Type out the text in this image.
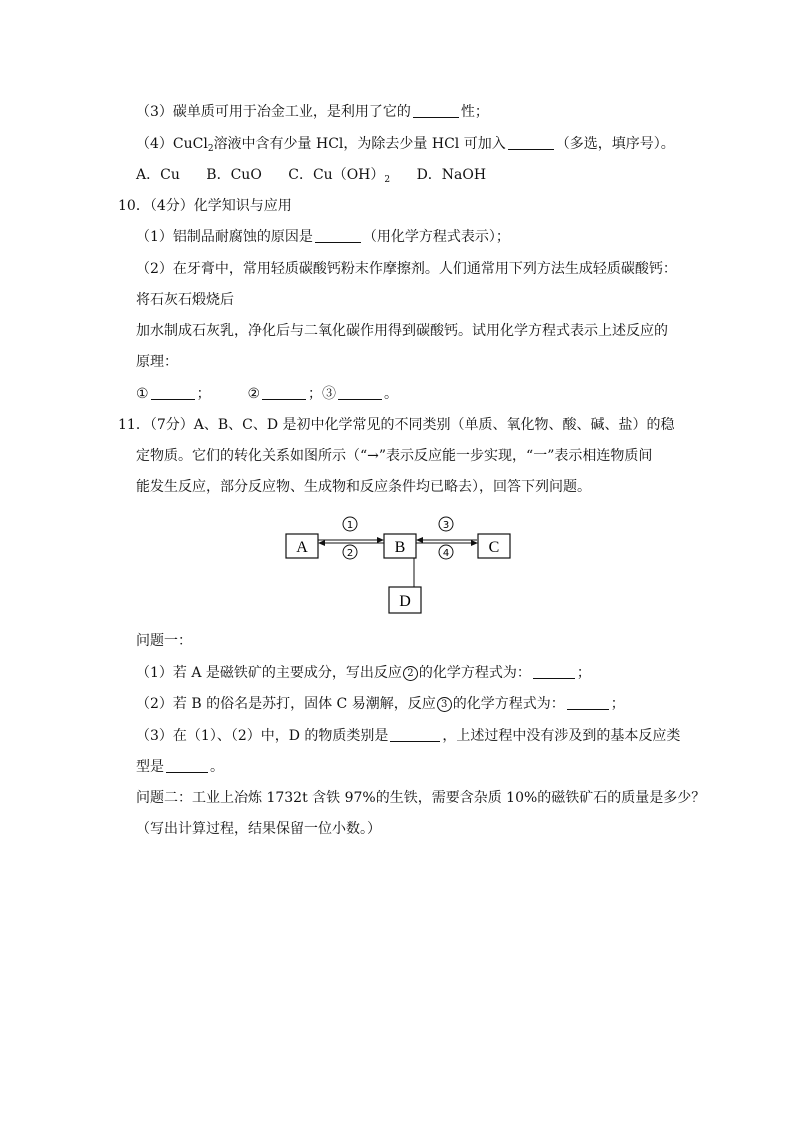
（3）碳单质可用于冶金工业，是利用了它的	性；
（4）CuCl$_2$溶液中含有少量 HCl，为除去少量 HCl 可加入	（多选，填序号）。
A．Cu B．CuO C．$Cu(OH)_2$ D．NaOH
10．（4分）化学知识与应用
（1）铝制品耐腐蚀的原因是	（用化学方程式表示）；
（2）在牙膏中，常用轻质碳酸钙粉末作摩擦剂。人们通常用下列方法生成轻质碳酸钙：
将石灰石煅烧后
加水制成石灰乳，净化后与二氧化碳作用得到碳酸钙。试用化学方程式表示上述反应的
原理：
①	；	②	；③	。
11．（7分）A、B、C、D 是初中化学常见的不同类别（单质、氧化物、酸、碱、盐）的稳
定物质。它们的转化关系如图所示（“→”表示反应能一步实现，“一”表示相连物质间
能发生反应，部分反应物、生成物和反应条件均已略去），回答下列问题。
A	B	C
D
1
2
3
4
问题一：
（1）若 A 是磁铁矿的主要成分，写出反应 2 的化学方程式为：	；
（2）若 B 的俗名是苏打，固体 C 易潮解，反应 3 的化学方程式为：	；
（3）在（1）、（2）中，D 的物质类别是	，上述过程中没有涉及到的基本反应类
型是	。
问题二：工业上冶炼 1732t 含铁 97%的生铁，需要含杂质 10%的磁铁矿石的质量是多少？
（写出计算过程，结果保留一位小数。）
